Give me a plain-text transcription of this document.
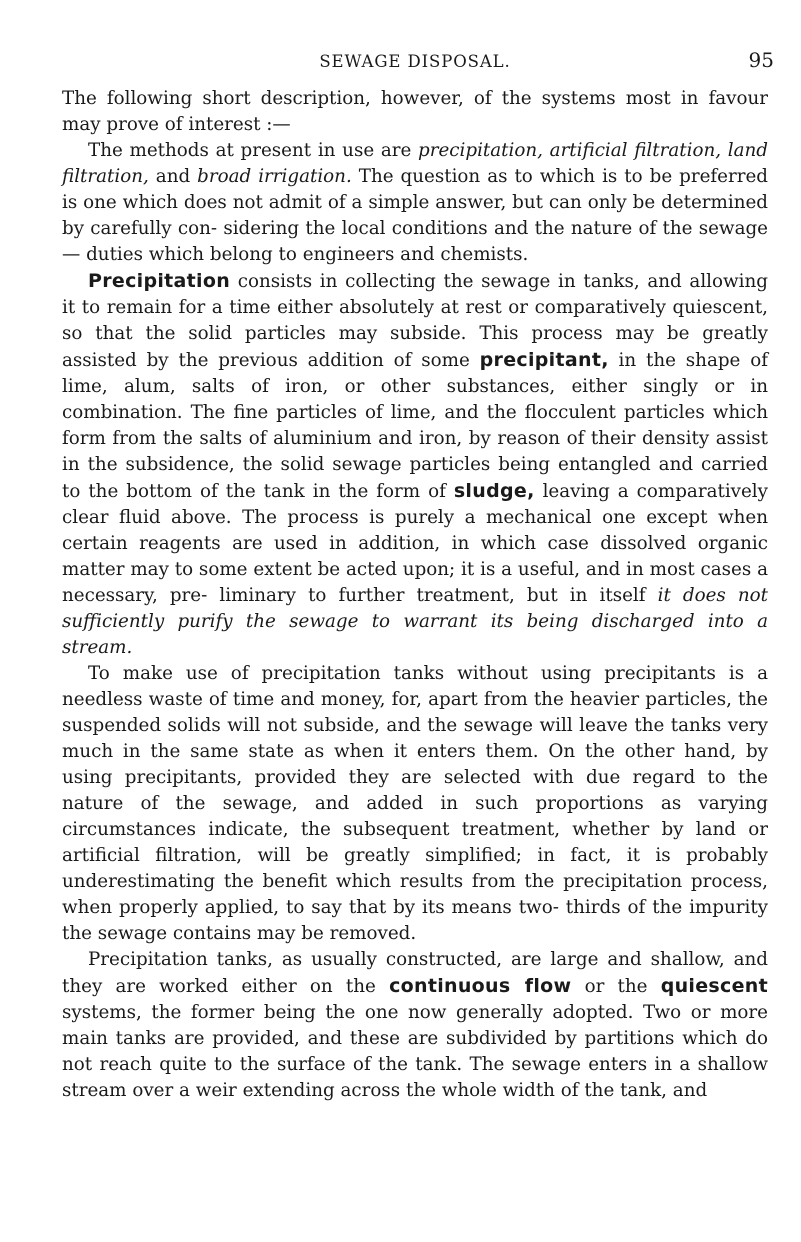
SEWAGE DISPOSAL.	95

The following short description, however, of the systems most in favour may prove of interest :—

The methods at present in use are precipitation, artificial filtration, land filtration, and broad irrigation. The question as to which is to be preferred is one which does not admit of a simple answer, but can only be determined by carefully con- sidering the local conditions and the nature of the sewage— duties which belong to engineers and chemists.

Precipitation consists in collecting the sewage in tanks, and allowing it to remain for a time either absolutely at rest or comparatively quiescent, so that the solid particles may subside. This process may be greatly assisted by the previous addition of some precipitant, in the shape of lime, alum, salts of iron, or other substances, either singly or in combination. The fine particles of lime, and the flocculent particles which form from the salts of aluminium and iron, by reason of their density assist in the subsidence, the solid sewage particles being entangled and carried to the bottom of the tank in the form of sludge, leaving a comparatively clear fluid above. The process is purely a mechanical one except when certain reagents are used in addition, in which case dissolved organic matter may to some extent be acted upon; it is a useful, and in most cases a necessary, pre- liminary to further treatment, but in itself it does not sufficiently purify the sewage to warrant its being discharged into a stream.

To make use of precipitation tanks without using precipitants is a needless waste of time and money, for, apart from the heavier particles, the suspended solids will not subside, and the sewage will leave the tanks very much in the same state as when it enters them. On the other hand, by using precipitants, provided they are selected with due regard to the nature of the sewage, and added in such proportions as varying circumstances indicate, the subsequent treatment, whether by land or artificial filtration, will be greatly simplified; in fact, it is probably underestimating the benefit which results from the precipitation process, when properly applied, to say that by its means two- thirds of the impurity the sewage contains may be removed.

Precipitation tanks, as usually constructed, are large and shallow, and they are worked either on the continuous flow or the quiescent systems, the former being the one now generally adopted. Two or more main tanks are provided, and these are subdivided by partitions which do not reach quite to the surface of the tank. The sewage enters in a shallow stream over a weir extending across the whole width of the tank, and
